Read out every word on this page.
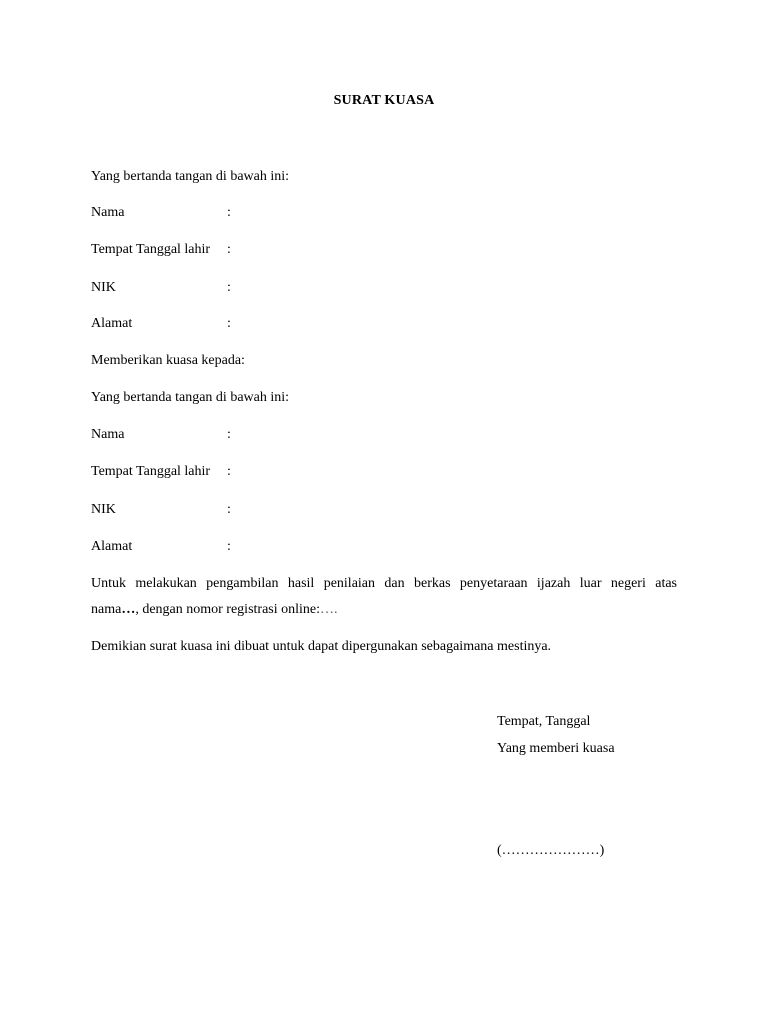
SURAT KUASA
Yang bertanda tangan di bawah ini:
Nama	:
Tempat Tanggal lahir :
NIK	:
Alamat	:
Memberikan kuasa kepada:
Yang bertanda tangan di bawah ini:
Nama	:
Tempat Tanggal lahir :
NIK	:
Alamat	:
Untuk melakukan pengambilan hasil penilaian dan berkas penyetaraan ijazah luar negeri atas
nama…, dengan nomor registrasi online:….
Demikian surat kuasa ini dibuat untuk dapat dipergunakan sebagaimana mestinya.
Tempat, Tanggal
Yang memberi kuasa
(…………………)
